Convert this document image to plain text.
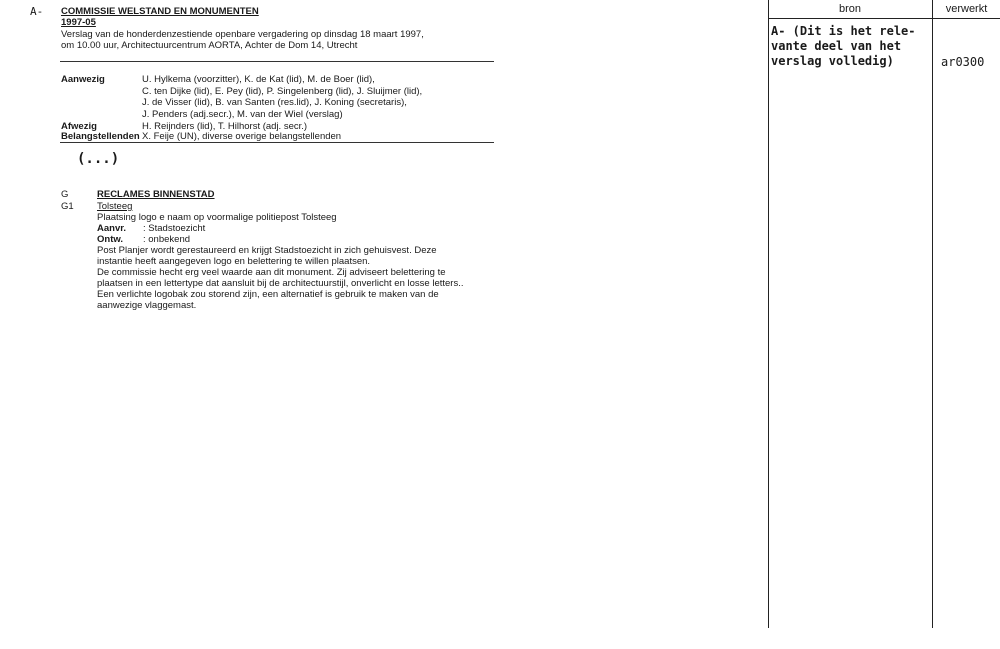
A- COMMISSIE WELSTAND EN MONUMENTEN
1997-05
Verslag van de honderdenzestiende openbare vergadering op dinsdag 18 maart 1997,
om 10.00 uur, Architectuurcentrum AORTA, Achter de Dom 14, Utrecht
Aanwezig	U. Hylkema (voorzitter), K. de Kat (lid), M. de Boer (lid),
C. ten Dijke (lid), E. Pey (lid), P. Singelenberg (lid), J. Sluijmer (lid),
J. de Visser (lid), B. van Santen (res.lid), J. Koning (secretaris),
J. Penders (adj.secr.), M. van der Wiel (verslag)
Afwezig	H. Reijnders (lid), T. Hilhorst (adj. secr.)
Belangstellenden X. Feije (UN), diverse overige belangstellenden
(...)
G	RECLAMES BINNENSTAD
G1 Tolsteeg
Plaatsing logo e naam op voormalige politiepost Tolsteeg
Aanvr. : Stadstoezicht
Ontw. : onbekend
Post Planjer wordt gerestaureerd en krijgt Stadstoezicht in zich gehuisvest. Deze
instantie heeft aangegeven logo en belettering te willen plaatsen.
De commissie hecht erg veel waarde aan dit monument. Zij adviseert belettering te
plaatsen in een lettertype dat aansluit bij de architectuurstijl, onverlicht en losse letters..
Een verlichte logobak zou storend zijn, een alternatief is gebruik te maken van de
aanwezige vlaggemast.
bron	verwerkt
A- (Dit is het rele-
vante deel van het
verslag volledig)	ar0300
